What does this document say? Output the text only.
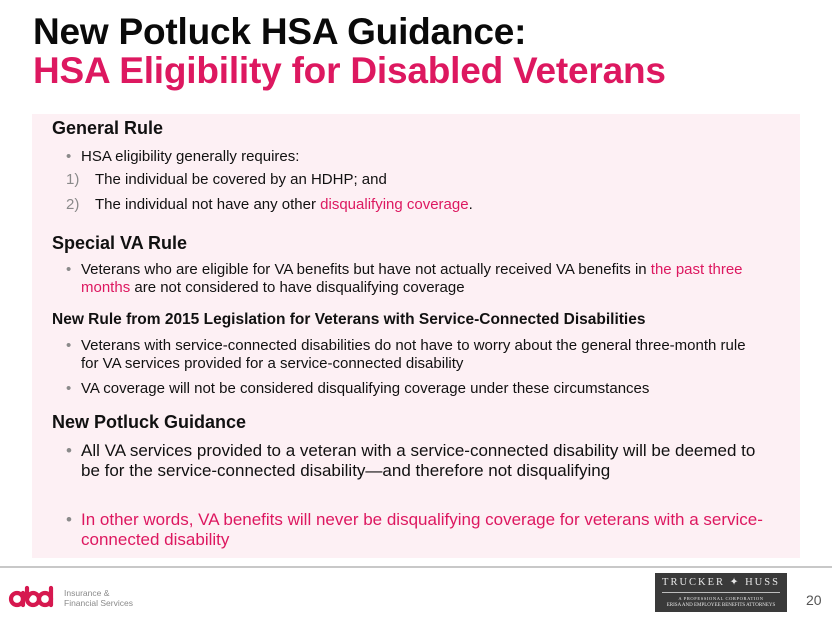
New Potluck HSA Guidance:
HSA Eligibility for Disabled Veterans
General Rule
• HSA eligibility generally requires:
1)	The individual be covered by an HDHP; and
2)	The individual not have any other disqualifying coverage.
Special VA Rule
• Veterans who are eligible for VA benefits but have not actually received VA benefits in the past three months are not considered to have disqualifying coverage
New Rule from 2015 Legislation for Veterans with Service-Connected Disabilities
• Veterans with service-connected disabilities do not have to worry about the general three-month rule for VA services provided for a service-connected disability
• VA coverage will not be considered disqualifying coverage under these circumstances
New Potluck Guidance
• All VA services provided to a veteran with a service-connected disability will be deemed to be for the service-connected disability—and therefore not disqualifying
• In other words, VA benefits will never be disqualifying coverage for veterans with a service-connected disability
Insurance &
Financial Services
TRUCKER ✦ HUSS
A PROFESSIONAL CORPORATION
ERISA AND EMPLOYEE BENEFITS ATTORNEYS	20
